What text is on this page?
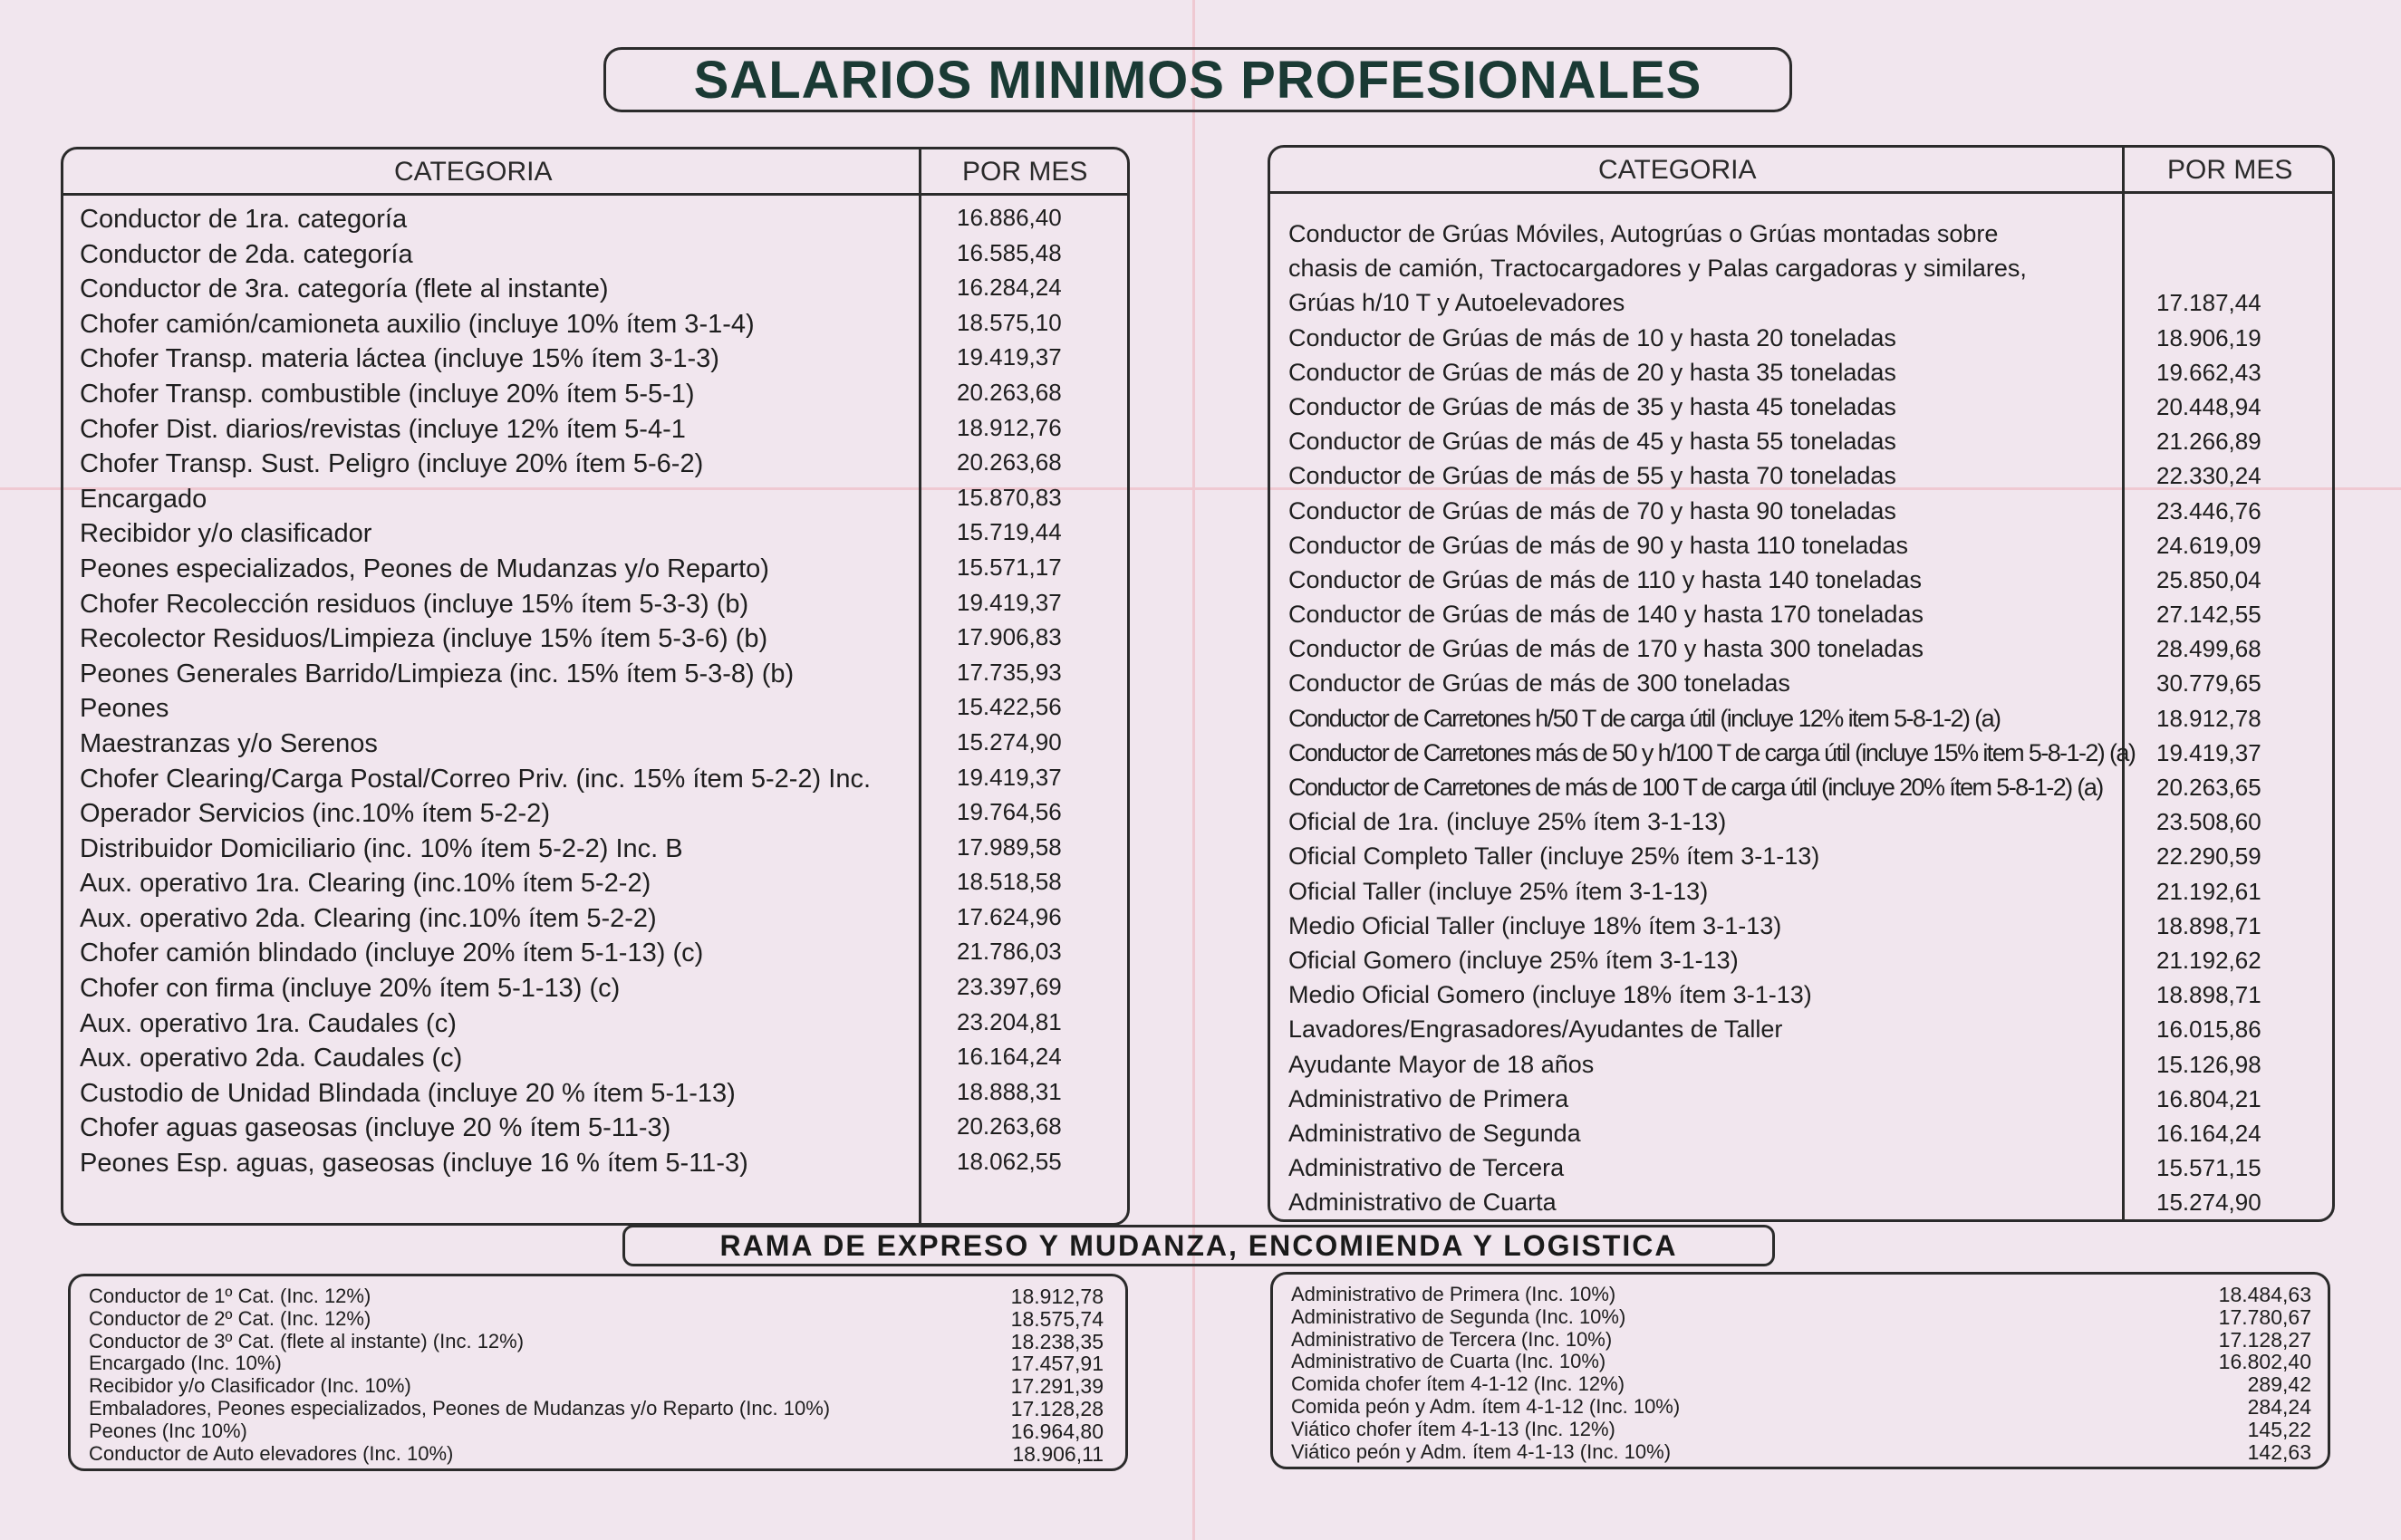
SALARIOS MINIMOS PROFESIONALES
CATEGORIA	POR MES
Conductor de 1ra. categoría	16.886,40
Conductor de 2da. categoría	16.585,48
Conductor de 3ra. categoría (flete al instante)	16.284,24
Chofer camión/camioneta auxilio (incluye 10% ítem 3-1-4)	18.575,10
Chofer Transp. materia láctea (incluye 15% ítem 3-1-3)	19.419,37
Chofer Transp. combustible (incluye 20% ítem 5-5-1)	20.263,68
Chofer Dist. diarios/revistas (incluye 12% ítem 5-4-1	18.912,76
Chofer Transp. Sust. Peligro (incluye 20% ítem 5-6-2)	20.263,68
Encargado	15.870,83
Recibidor y/o clasificador	15.719,44
Peones especializados, Peones de Mudanzas y/o Reparto)	15.571,17
Chofer Recolección residuos (incluye 15% ítem 5-3-3) (b)	19.419,37
Recolector Residuos/Limpieza (incluye 15% ítem 5-3-6) (b)	17.906,83
Peones Generales Barrido/Limpieza (inc. 15% ítem 5-3-8) (b)	17.735,93
Peones	15.422,56
Maestranzas y/o Serenos	15.274,90
Chofer Clearing/Carga Postal/Correo Priv. (inc. 15% ítem 5-2-2) Inc.	19.419,37
Operador Servicios (inc.10% ítem 5-2-2)	19.764,56
Distribuidor Domiciliario (inc. 10% ítem 5-2-2) Inc. B	17.989,58
Aux. operativo 1ra. Clearing (inc.10% ítem 5-2-2)	18.518,58
Aux. operativo 2da. Clearing (inc.10% ítem 5-2-2)	17.624,96
Chofer camión blindado (incluye 20% ítem 5-1-13) (c)	21.786,03
Chofer con firma (incluye 20% ítem 5-1-13) (c)	23.397,69
Aux. operativo 1ra. Caudales (c)	23.204,81
Aux. operativo 2da. Caudales (c)	16.164,24
Custodio de Unidad Blindada (incluye 20 % ítem 5-1-13)	18.888,31
Chofer aguas gaseosas (incluye 20 % ítem 5-11-3)	20.263,68
Peones Esp. aguas, gaseosas (incluye 16 % ítem 5-11-3)	18.062,55
CATEGORIA	POR MES
Conductor de Grúas Móviles, Autogrúas o Grúas montadas sobre
chasis de camión, Tractocargadores y Palas cargadoras y similares,
Grúas h/10 T y Autoelevadores	17.187,44
Conductor de Grúas de más de 10 y hasta 20 toneladas	18.906,19
Conductor de Grúas de más de 20 y hasta 35 toneladas	19.662,43
Conductor de Grúas de más de 35 y hasta 45 toneladas	20.448,94
Conductor de Grúas de más de 45 y hasta 55 toneladas	21.266,89
Conductor de Grúas de más de 55 y hasta 70 toneladas	22.330,24
Conductor de Grúas de más de 70 y hasta 90 toneladas	23.446,76
Conductor de Grúas de más de 90 y hasta 110 toneladas	24.619,09
Conductor de Grúas de más de 110 y hasta 140 toneladas	25.850,04
Conductor de Grúas de más de 140 y hasta 170 toneladas	27.142,55
Conductor de Grúas de más de 170 y hasta 300 toneladas	28.499,68
Conductor de Grúas de más de 300 toneladas	30.779,65
Conductor de Carretones h/50 T de carga útil (incluye 12% item 5-8-1-2) (a)	18.912,78
Conductor de Carretones más de 50 y h/100 T de carga útil (incluye 15% item 5-8-1-2) (a) 19.419,37
Conductor de Carretones de más de 100 T de carga útil (incluye 20% ítem 5-8-1-2) (a) 20.263,65
Oficial de 1ra. (incluye 25% ítem 3-1-13)	23.508,60
Oficial Completo Taller (incluye 25% ítem 3-1-13)	22.290,59
Oficial Taller (incluye 25% ítem 3-1-13)	21.192,61
Medio Oficial Taller (incluye 18% ítem 3-1-13)	18.898,71
Oficial Gomero (incluye 25% ítem 3-1-13)	21.192,62
Medio Oficial Gomero (incluye 18% ítem 3-1-13)	18.898,71
Lavadores/Engrasadores/Ayudantes de Taller	16.015,86
Ayudante Mayor de 18 años	15.126,98
Administrativo de Primera	16.804,21
Administrativo de Segunda	16.164,24
Administrativo de Tercera	15.571,15
Administrativo de Cuarta	15.274,90
RAMA DE EXPRESO Y MUDANZA, ENCOMIENDA Y LOGISTICA
Conductor de 1º Cat. (Inc. 12%)	18.912,78
Conductor de 2º Cat. (Inc. 12%)	18.575,74
Conductor de 3º Cat. (flete al instante) (Inc. 12%)	18.238,35
Encargado (Inc. 10%)	17.457,91
Recibidor y/o Clasificador (Inc. 10%)	17.291,39
Embaladores, Peones especializados, Peones de Mudanzas y/o Reparto (Inc. 10%)	17.128,28
Peones (Inc 10%)	16.964,80
Conductor de Auto elevadores (Inc. 10%)	18.906,11
Administrativo de Primera (Inc. 10%)	18.484,63
Administrativo de Segunda (Inc. 10%)	17.780,67
Administrativo de Tercera (Inc. 10%)	17.128,27
Administrativo de Cuarta (Inc. 10%)	16.802,40
Comida chofer ítem 4-1-12 (Inc. 12%)	289,42
Comida peón y Adm. ítem 4-1-12 (Inc. 10%)	284,24
Viático chofer ítem 4-1-13 (Inc. 12%)	145,22
Viático peón y Adm. ítem 4-1-13 (Inc. 10%)	142,63
